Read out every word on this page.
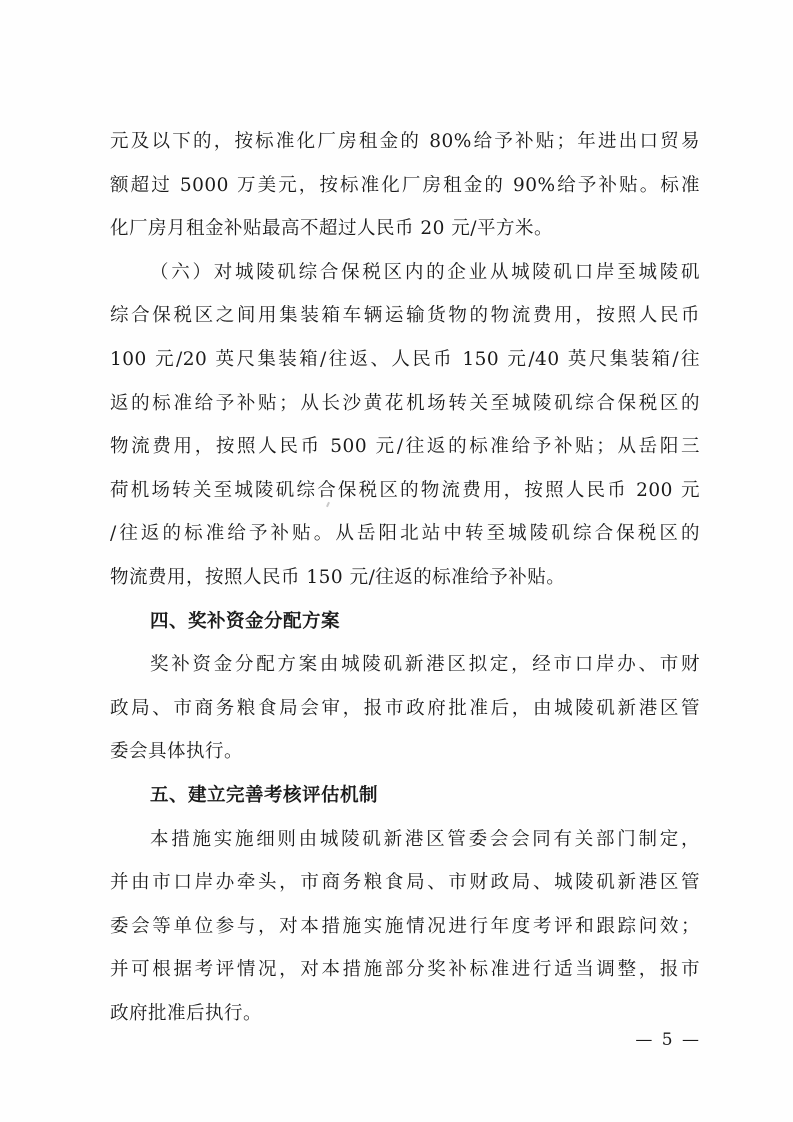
元及以下的，按标准化厂房租金的 80%给予补贴；年进出口贸易
额超过 5000 万美元，按标准化厂房租金的 90%给予补贴。标准
化厂房月租金补贴最高不超过人民币 20 元/平方米。
（六）对城陵矶综合保税区内的企业从城陵矶口岸至城陵矶
综合保税区之间用集装箱车辆运输货物的物流费用，按照人民币
100 元/20 英尺集装箱/往返、人民币 150 元/40 英尺集装箱/往
返的标准给予补贴；从长沙黄花机场转关至城陵矶综合保税区的
物流费用，按照人民币 500 元/往返的标准给予补贴；从岳阳三
荷机场转关至城陵矶综合保税区的物流费用，按照人民币 200 元
/往返的标准给予补贴。从岳阳北站中转至城陵矶综合保税区的
物流费用，按照人民币 150 元/往返的标准给予补贴。
四、奖补资金分配方案
奖补资金分配方案由城陵矶新港区拟定，经市口岸办、市财
政局、市商务粮食局会审，报市政府批准后，由城陵矶新港区管
委会具体执行。
五、建立完善考核评估机制
本措施实施细则由城陵矶新港区管委会会同有关部门制定，
并由市口岸办牵头，市商务粮食局、市财政局、城陵矶新港区管
委会等单位参与，对本措施实施情况进行年度考评和跟踪问效；
并可根据考评情况，对本措施部分奖补标准进行适当调整，报市
政府批准后执行。
— 5 —
